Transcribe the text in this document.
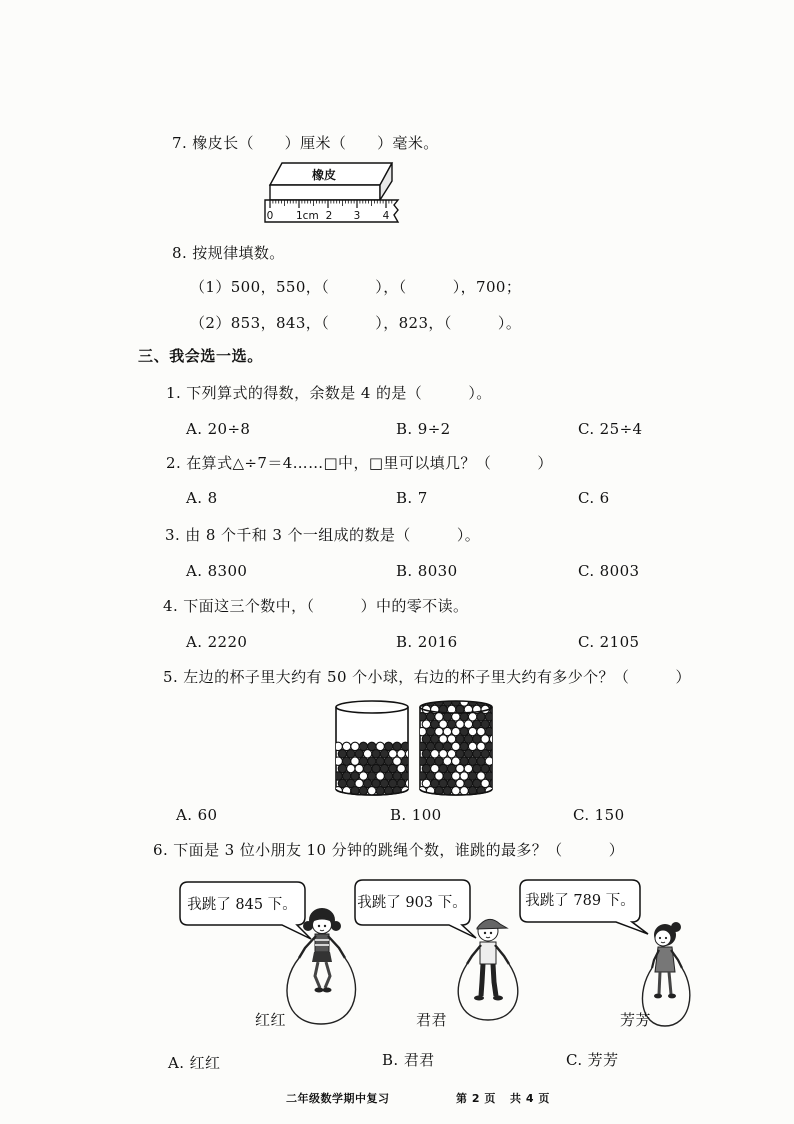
7. 橡皮长（　　）厘米（　　）毫米。
橡皮
0 1cm 2 3 4
8. 按规律填数。
（1）500，550，（　　　），（　　　），700；
（2）853，843，（　　　），823，（　　　）。
三、我会选一选。
1. 下列算式的得数，余数是 4 的是（　　　）。
A. 20÷8	B. 9÷2	C. 25÷4
2. 在算式△÷7＝4……□中，□里可以填几？（　　　）
A. 8	B. 7	C. 6
3. 由 8 个千和 3 个一组成的数是（　　　）。
A. 8300	B. 8030	C. 8003
4. 下面这三个数中，（　　　）中的零不读。
A. 2220	B. 2016	C. 2105
5. 左边的杯子里大约有 50 个小球，右边的杯子里大约有多少个？（　　　）
A. 60	B. 100	C. 150
6. 下面是 3 位小朋友 10 分钟的跳绳个数，谁跳的最多？（　　　）
我跳了 845 下。	我跳了 903 下。	我跳了 789 下。
红红	君君	芳芳
A. 红红	B. 君君	C. 芳芳
二年级数学期中复习	第 2 页 共 4 页
